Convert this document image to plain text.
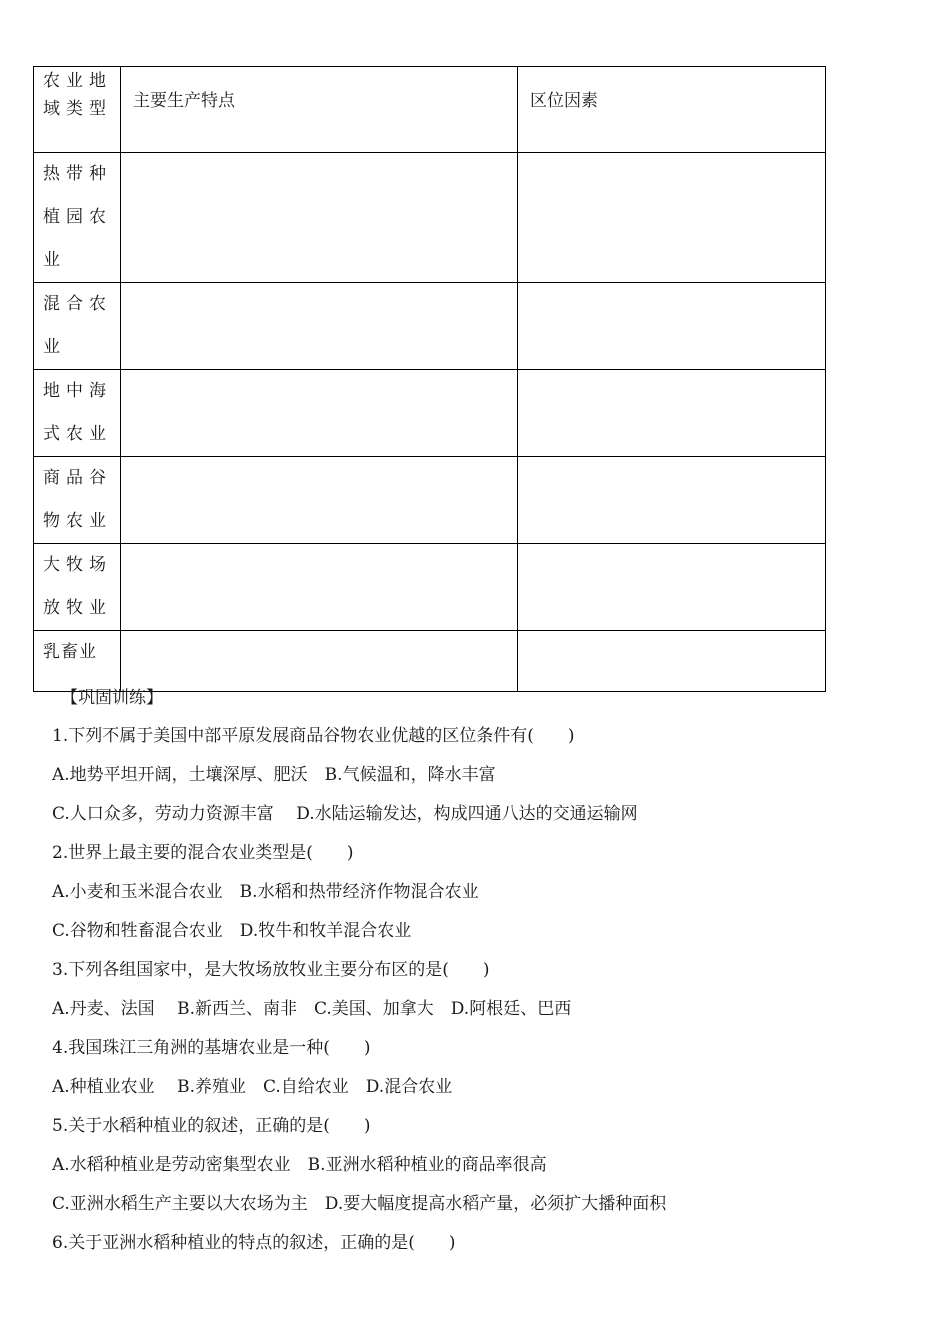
农业地域类型	主要生产特点	区位因素

热带种植园农业		

混合农业		

地中海式农业		

商品谷物农业		

大牧场放牧业		

乳畜业		

【巩固训练】
1.下列不属于美国中部平原发展商品谷物农业优越的区位条件有(　　)
A.地势平坦开阔，土壤深厚、肥沃　B.气候温和，降水丰富
C.人口众多，劳动力资源丰富　 D.水陆运输发达，构成四通八达的交通运输网
2.世界上最主要的混合农业类型是(　　)
A.小麦和玉米混合农业　B.水稻和热带经济作物混合农业
C.谷物和牲畜混合农业　D.牧牛和牧羊混合农业
3.下列各组国家中，是大牧场放牧业主要分布区的是(　　)
A.丹麦、法国　 B.新西兰、南非　C.美国、加拿大　D.阿根廷、巴西
4.我国珠江三角洲的基塘农业是一种(　　)
A.种植业农业　 B.养殖业　C.自给农业　D.混合农业
5.关于水稻种植业的叙述，正确的是(　　)
A.水稻种植业是劳动密集型农业　B.亚洲水稻种植业的商品率很高
C.亚洲水稻生产主要以大农场为主　D.要大幅度提高水稻产量，必须扩大播种面积
6.关于亚洲水稻种植业的特点的叙述，正确的是(　　)
